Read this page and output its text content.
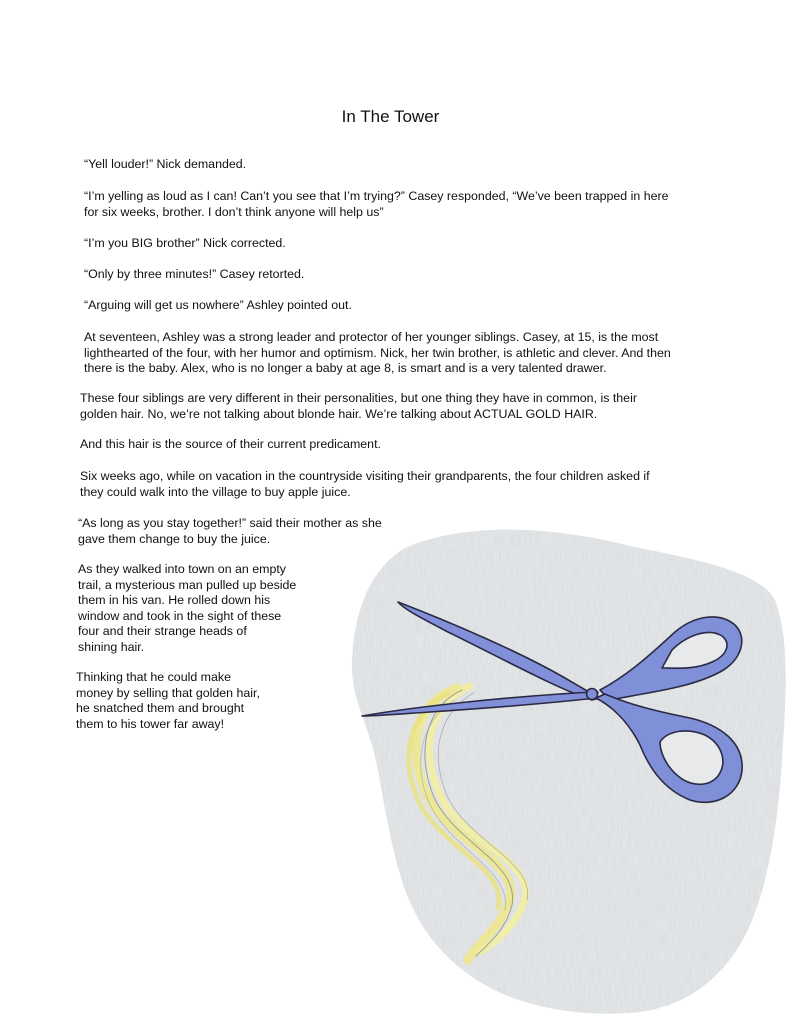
In The Tower

“Yell louder!” Nick demanded.

“I’m yelling as loud as I can! Can’t you see that I’m trying?” Casey responded, “We’ve been trapped in here
for six weeks, brother. I don’t think anyone will help us”

“I’m you BIG brother” Nick corrected.

“Only by three minutes!” Casey retorted.

“Arguing will get us nowhere” Ashley pointed out.

At seventeen, Ashley was a strong leader and protector of her younger siblings. Casey, at 15, is the most
lighthearted of the four, with her humor and optimism. Nick, her twin brother, is athletic and clever. And then
there is the baby. Alex, who is no longer a baby at age 8, is smart and is a very talented drawer.

These four siblings are very different in their personalities, but one thing they have in common, is their
golden hair. No, we’re not talking about blonde hair. We’re talking about ACTUAL GOLD HAIR.

And this hair is the source of their current predicament.

Six weeks ago, while on vacation in the countryside visiting their grandparents, the four children asked if
they could walk into the village to buy apple juice.

“As long as you stay together!” said their mother as she
gave them change to buy the juice.

As they walked into town on an empty
trail, a mysterious man pulled up beside
them in his van. He rolled down his
window and took in the sight of these
four and their strange heads of
shining hair.

Thinking that he could make
money by selling that golden hair,
he snatched them and brought
them to his tower far away!
